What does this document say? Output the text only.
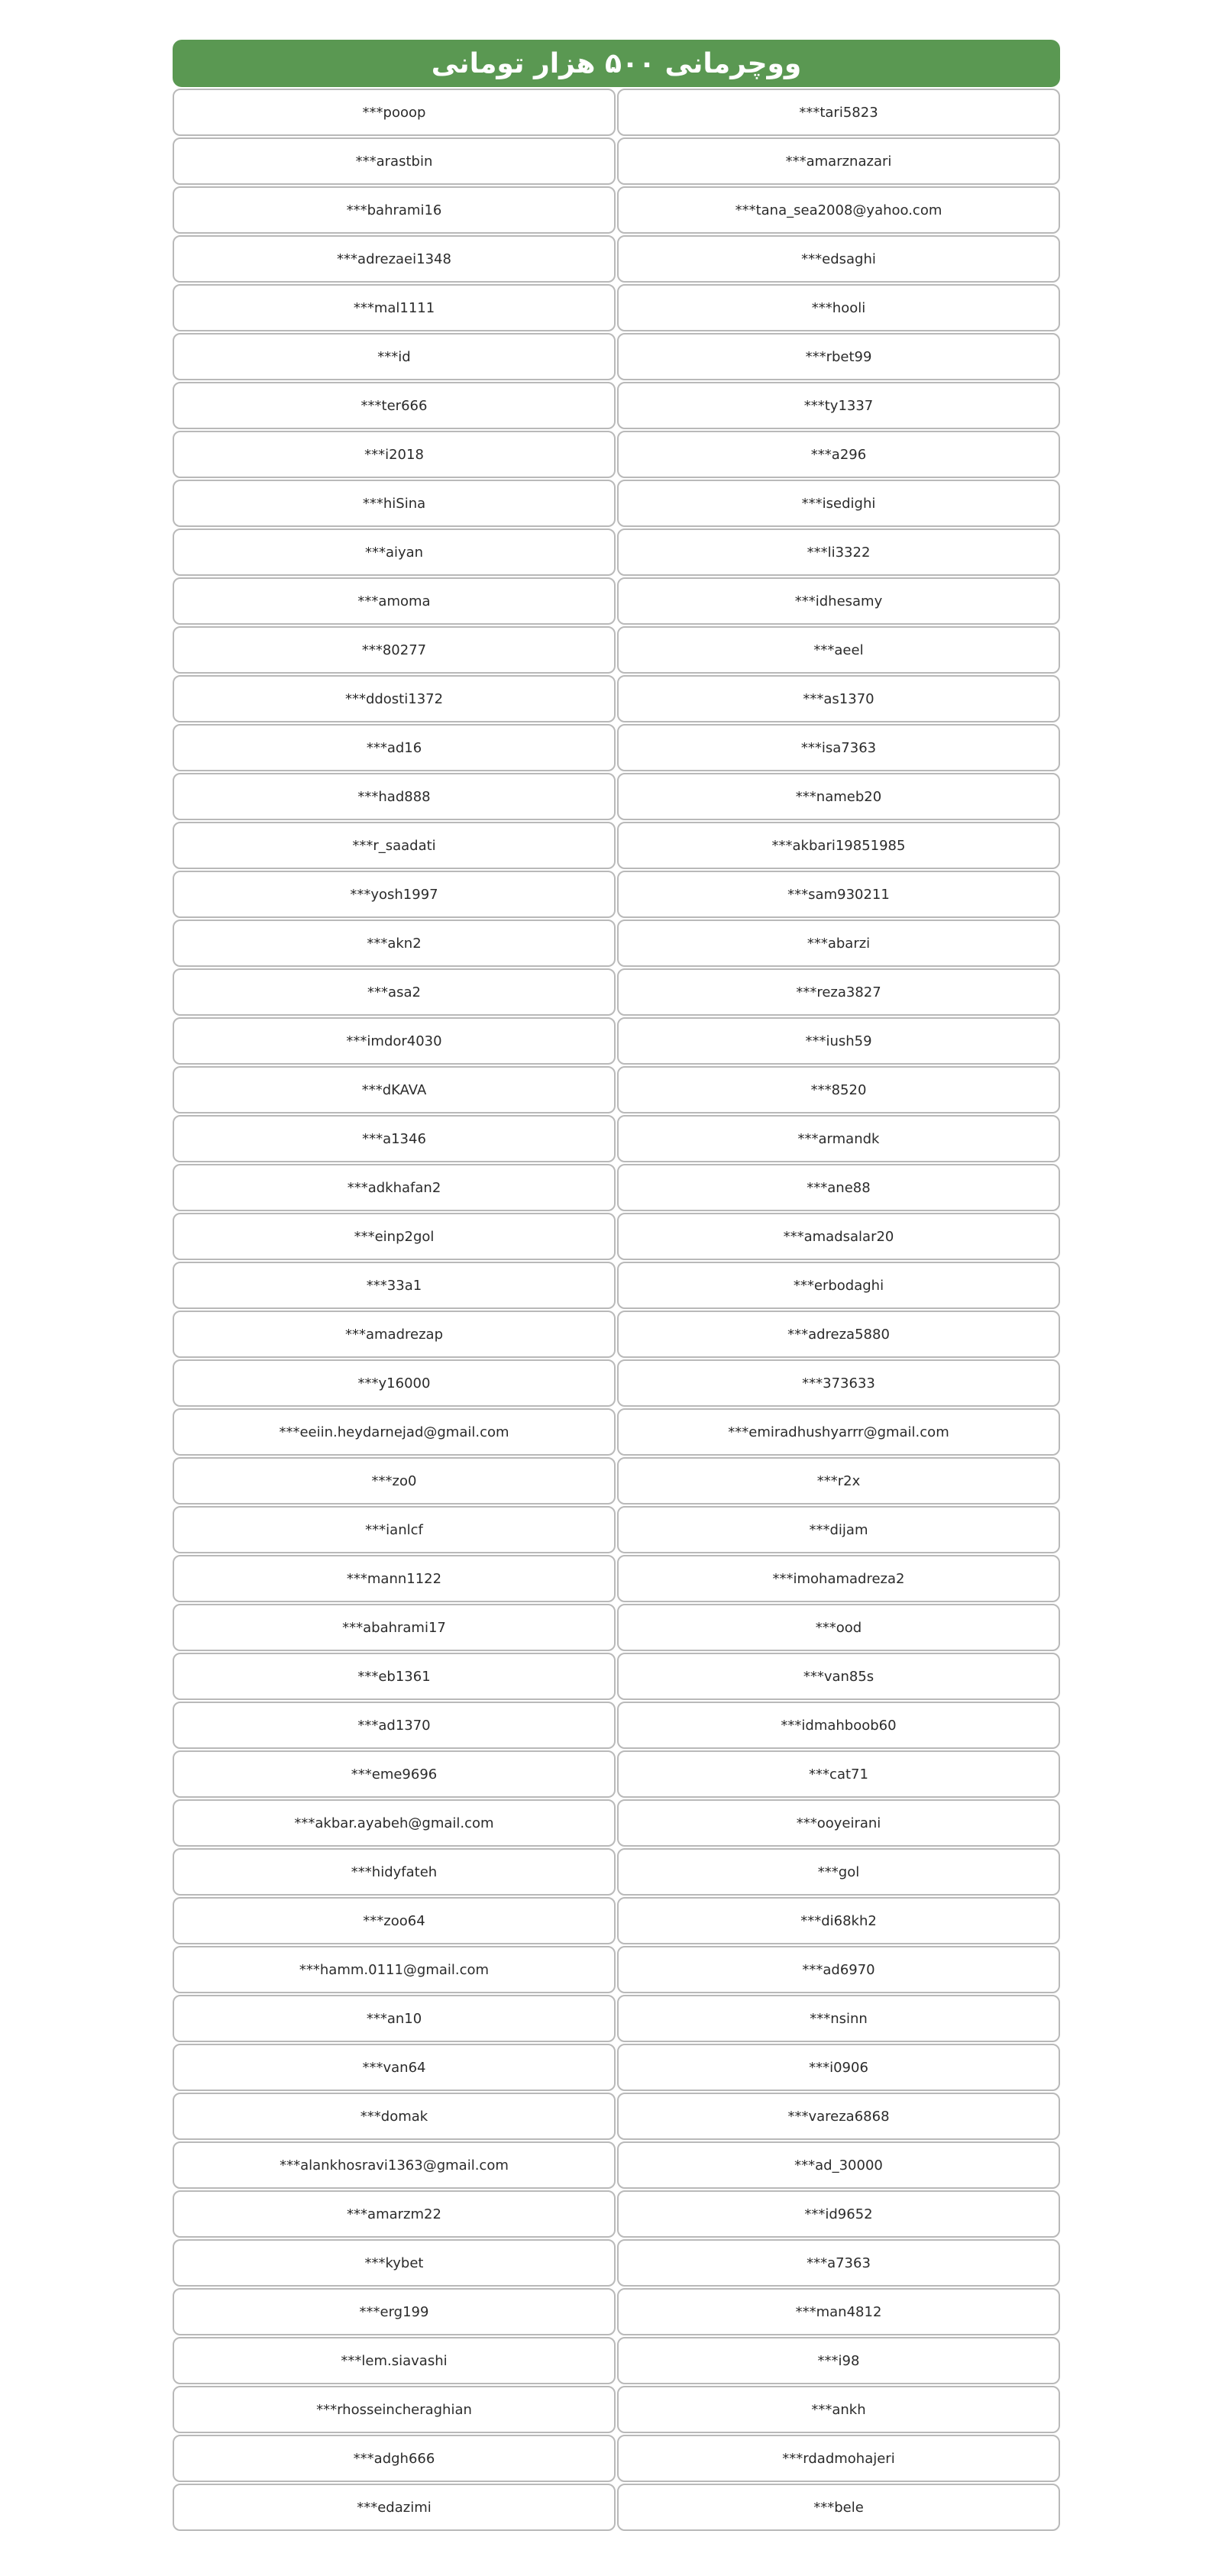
ووچرمانی ۵۰۰ هزار تومانی
***pooop	***tari5823
***arastbin	***amarznazari
***bahrami16	***tana_sea2008@yahoo.com
***adrezaei1348	***edsaghi
***mal1111	***hooli
***id	***rbet99
***ter666	***ty1337
***i2018	***a296
***hiSina	***isedighi
***aiyan	***li3322
***amoma	***idhesamy
***80277	***aeel
***ddosti1372	***as1370
***ad16	***isa7363
***had888	***nameb20
***r_saadati	***akbari19851985
***yosh1997	***sam930211
***akn2	***abarzi
***asa2	***reza3827
***imdor4030	***iush59
***dKAVA	***8520
***a1346	***armandk
***adkhafan2	***ane88
***einp2gol	***amadsalar20
***33a1	***erbodaghi
***amadrezap	***adreza5880
***y16000	***373633
***eeiin.heydarnejad@gmail.com	***emiradhushyarrr@gmail.com
***zo0	***r2x
***ianlcf	***dijam
***mann1122	***imohamadreza2
***abahrami17	***ood
***eb1361	***van85s
***ad1370	***idmahboob60
***eme9696	***cat71
***akbar.ayabeh@gmail.com	***ooyeirani
***hidyfateh	***gol
***zoo64	***di68kh2
***hamm.0111@gmail.com	***ad6970
***an10	***nsinn
***van64	***i0906
***domak	***vareza6868
***alankhosravi1363@gmail.com	***ad_30000
***amarzm22	***id9652
***kybet	***a7363
***erg199	***man4812
***lem.siavashi	***i98
***rhosseincheraghian	***ankh
***adgh666	***rdadmohajeri
***edazimi	***bele
